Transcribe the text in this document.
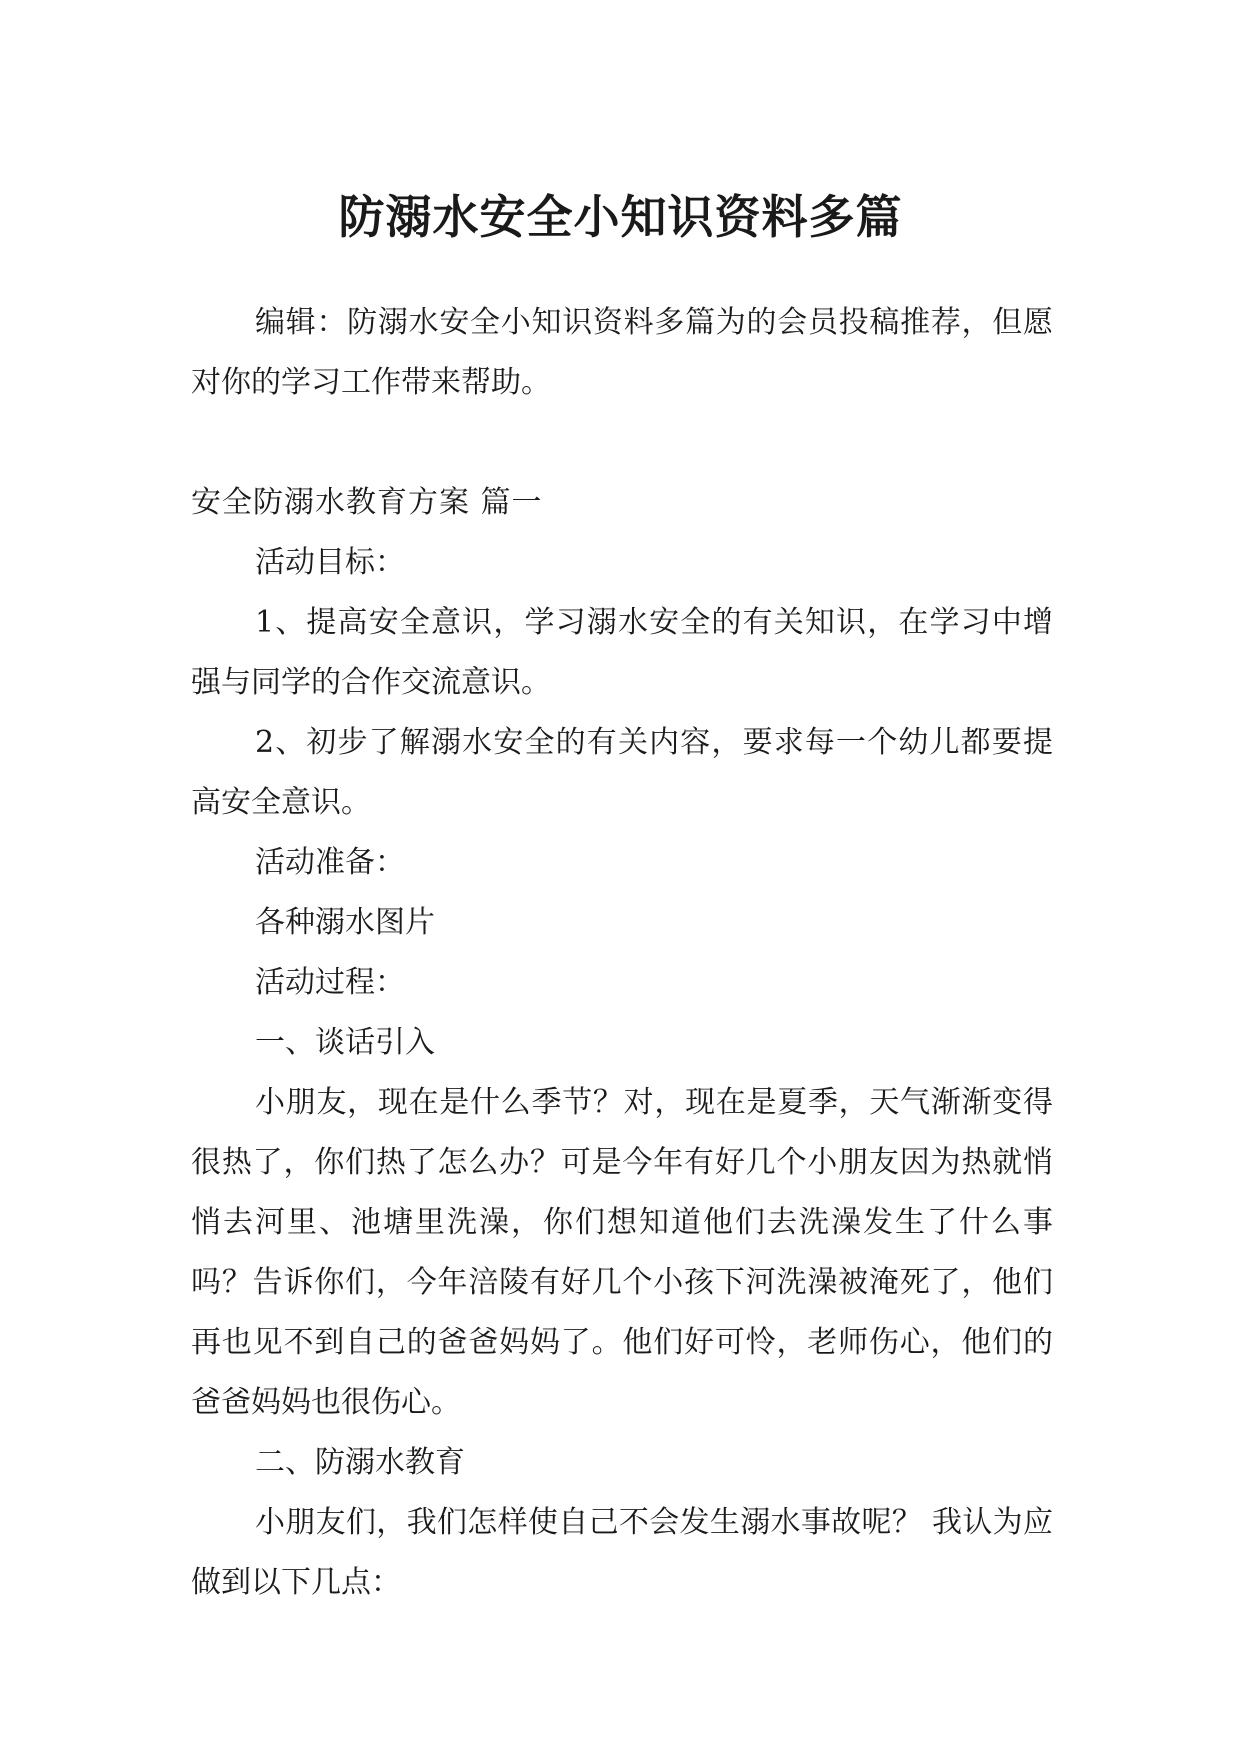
防溺水安全小知识资料多篇

编辑：防溺水安全小知识资料多篇为的会员投稿推荐，但愿对你的学习工作带来帮助。

安全防溺水教育方案 篇一

活动目标：

1、提高安全意识，学习溺水安全的有关知识，在学习中增强与同学的合作交流意识。

2、初步了解溺水安全的有关内容，要求每一个幼儿都要提高安全意识。

活动准备：

各种溺水图片

活动过程：

一、谈话引入

小朋友，现在是什么季节？对，现在是夏季，天气渐渐变得很热了，你们热了怎么办？可是今年有好几个小朋友因为热就悄悄去河里、池塘里洗澡，你们想知道他们去洗澡发生了什么事吗？告诉你们，今年涪陵有好几个小孩下河洗澡被淹死了，他们再也见不到自己的爸爸妈妈了。他们好可怜，老师伤心，他们的爸爸妈妈也很伤心。

二、防溺水教育

小朋友们，我们怎样使自己不会发生溺水事故呢？ 我认为应做到以下几点：
